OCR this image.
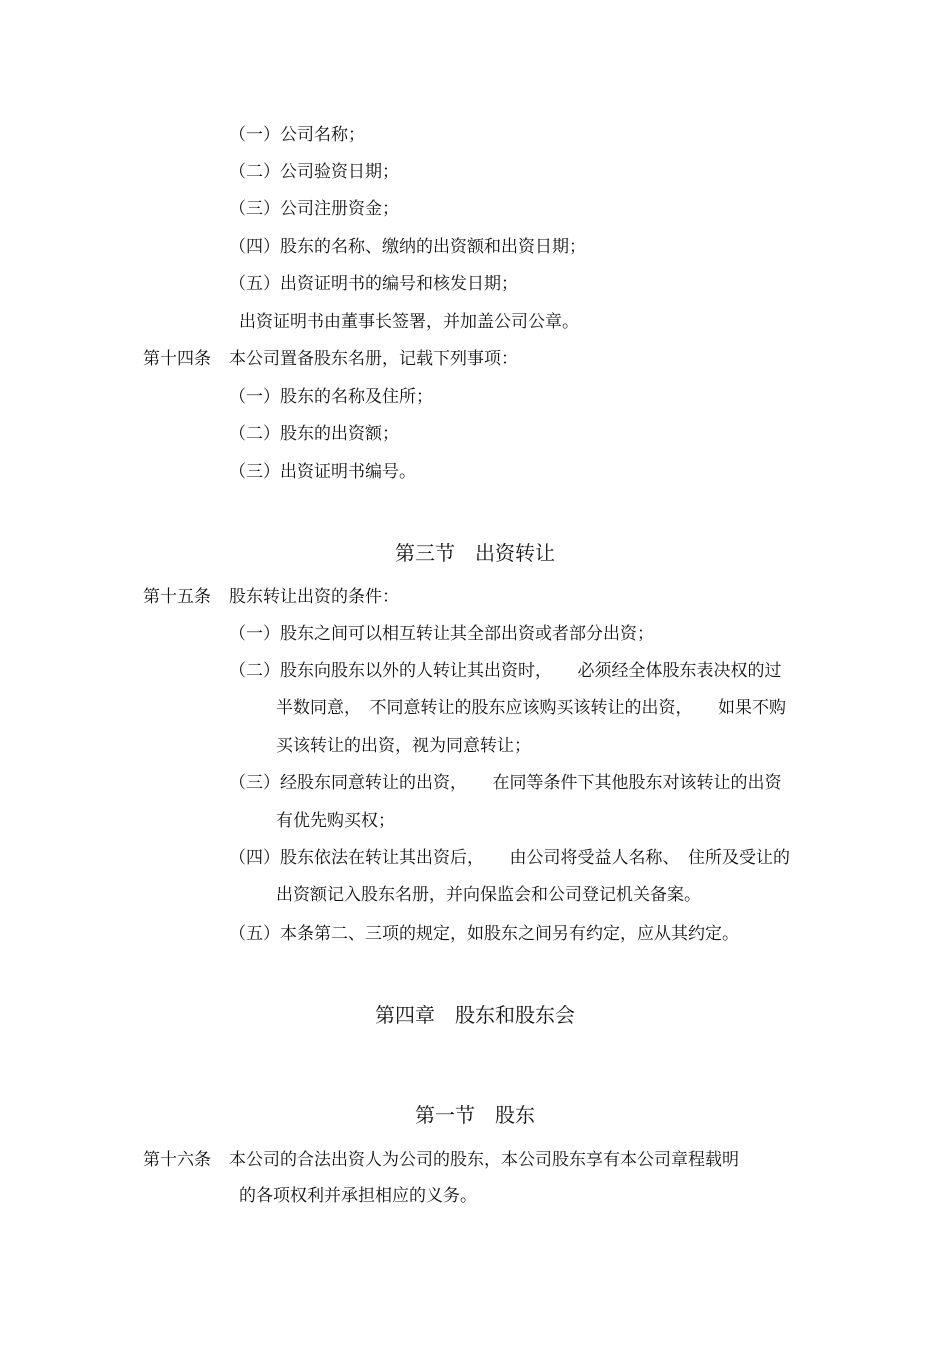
（一）公司名称；

（二）公司验资日期；

（三）公司注册资金；

（四）股东的名称、缴纳的出资额和出资日期；

（五）出资证明书的编号和核发日期；

出资证明书由董事长签署，并加盖公司公章。

第十四条 本公司置备股东名册，记载下列事项：

（一）股东的名称及住所；

（二）股东的出资额；

（三）出资证明书编号。

第三节　出资转让

第十五条 股东转让出资的条件：

（一）股东之间可以相互转让其全部出资或者部分出资；

（二）股东向股东以外的人转让其出资时，　　必须经全体股东表决权的过

半数同意，　不同意转让的股东应该购买该转让的出资，　　如果不购

买该转让的出资，视为同意转让；

（三）经股东同意转让的出资，　　在同等条件下其他股东对该转让的出资

有优先购买权；

（四）股东依法在转让其出资后，　　由公司将受益人名称、　住所及受让的

出资额记入股东名册，并向保监会和公司登记机关备案。

（五）本条第二、三项的规定，如股东之间另有约定，应从其约定。

第四章　股东和股东会

第一节　股东

第十六条 本公司的合法出资人为公司的股东，本公司股东享有本公司章程载明

的各项权利并承担相应的义务。
